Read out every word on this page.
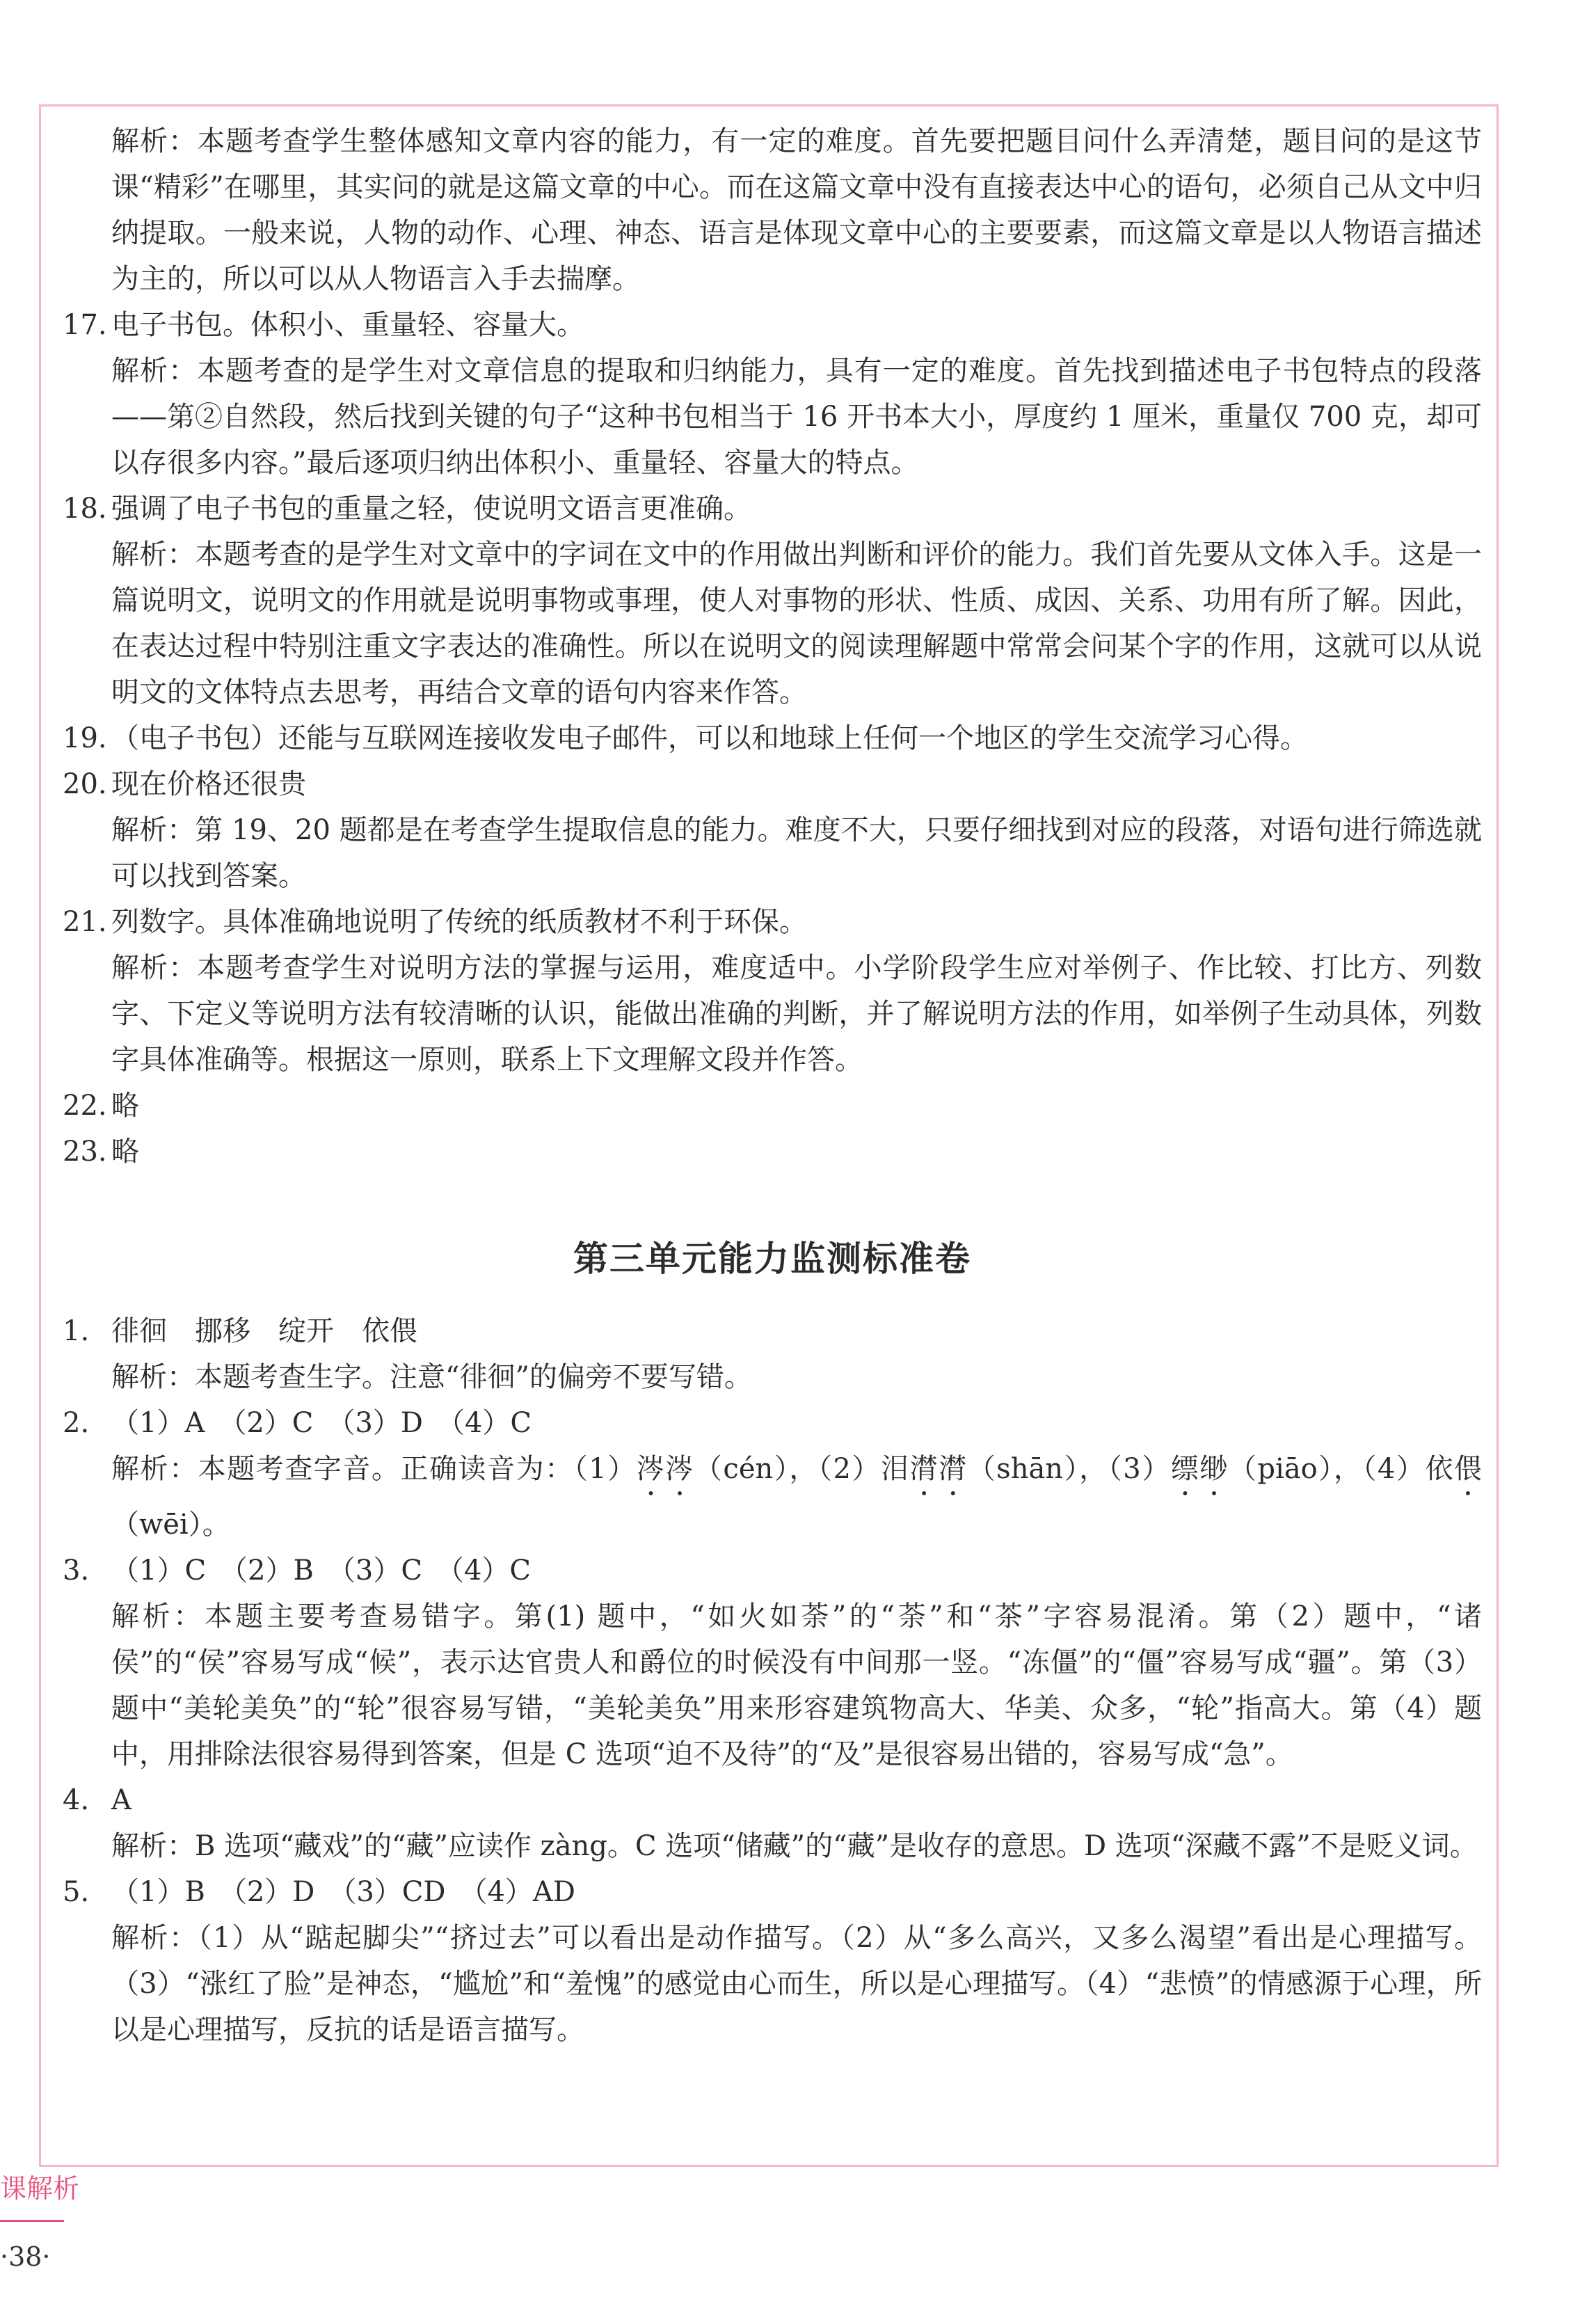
解析：本题考查学生整体感知文章内容的能力，有一定的难度。首先要把题目问什么弄清楚，题目问的是这节课“精彩”在哪里，其实问的就是这篇文章的中心。而在这篇文章中没有直接表达中心的语句，必须自己从文中归纳提取。一般来说，人物的动作、心理、神态、语言是体现文章中心的主要要素，而这篇文章是以人物语言描述为主的，所以可以从人物语言入手去揣摩。
17. 电子书包。体积小、重量轻、容量大。
解析：本题考查的是学生对文章信息的提取和归纳能力，具有一定的难度。首先找到描述电子书包特点的段落——第②自然段，然后找到关键的句子“这种书包相当于 16 开书本大小，厚度约 1 厘米，重量仅 700 克，却可以存很多内容。”最后逐项归纳出体积小、重量轻、容量大的特点。
18. 强调了电子书包的重量之轻，使说明文语言更准确。
解析：本题考查的是学生对文章中的字词在文中的作用做出判断和评价的能力。我们首先要从文体入手。这是一篇说明文，说明文的作用就是说明事物或事理，使人对事物的形状、性质、成因、关系、功用有所了解。因此，在表达过程中特别注重文字表达的准确性。所以在说明文的阅读理解题中常常会问某个字的作用，这就可以从说明文的文体特点去思考，再结合文章的语句内容来作答。
19. （电子书包）还能与互联网连接收发电子邮件，可以和地球上任何一个地区的学生交流学习心得。
20. 现在价格还很贵
解析：第 19、20 题都是在考查学生提取信息的能力。难度不大，只要仔细找到对应的段落，对语句进行筛选就可以找到答案。
21. 列数字。具体准确地说明了传统的纸质教材不利于环保。
解析：本题考查学生对说明方法的掌握与运用，难度适中。小学阶段学生应对举例子、作比较、打比方、列数字、下定义等说明方法有较清晰的认识，能做出准确的判断，并了解说明方法的作用，如举例子生动具体，列数字具体准确等。根据这一原则，联系上下文理解文段并作答。
22. 略
23. 略
第三单元能力监测标准卷
1. 徘徊　挪移　绽开　依偎
解析：本题考查生字。注意“徘徊”的偏旁不要写错。
2. （1）A　（2）C　（3）D　（4）C
解析：本题考查字音。正确读音为：（1）涔涔（cén），（2）泪潸潸（shān），（3）缥缈（piāo），（4）依偎（wēi）。
3. （1）C　（2）B　（3）C　（4）C
解析：本题主要考查易错字。第(1) 题中，“如火如荼”的“荼”和“茶”字容易混淆。第（2）题中，“诸侯”的“侯”容易写成“候”，表示达官贵人和爵位的时候没有中间那一竖。“冻僵”的“僵”容易写成“疆”。第（3）题中“美轮美奂”的“轮”很容易写错，“美轮美奂”用来形容建筑物高大、华美、众多，“轮”指高大。第（4）题中，用排除法很容易得到答案，但是 C 选项“迫不及待”的“及”是很容易出错的，容易写成“急”。
4. A
解析：B 选项“藏戏”的“藏”应读作 zàng。C 选项“储藏”的“藏”是收存的意思。D 选项“深藏不露”不是贬义词。
5. （1）B　（2）D　（3）CD　（4）AD
解析：（1）从“踮起脚尖”“挤过去”可以看出是动作描写。（2）从“多么高兴，又多么渴望”看出是心理描写。（3）“涨红了脸”是神态，“尴尬”和“羞愧”的感觉由心而生，所以是心理描写。（4）“悲愤”的情感源于心理，所以是心理描写，反抗的话是语言描写。
课解析
·38·
